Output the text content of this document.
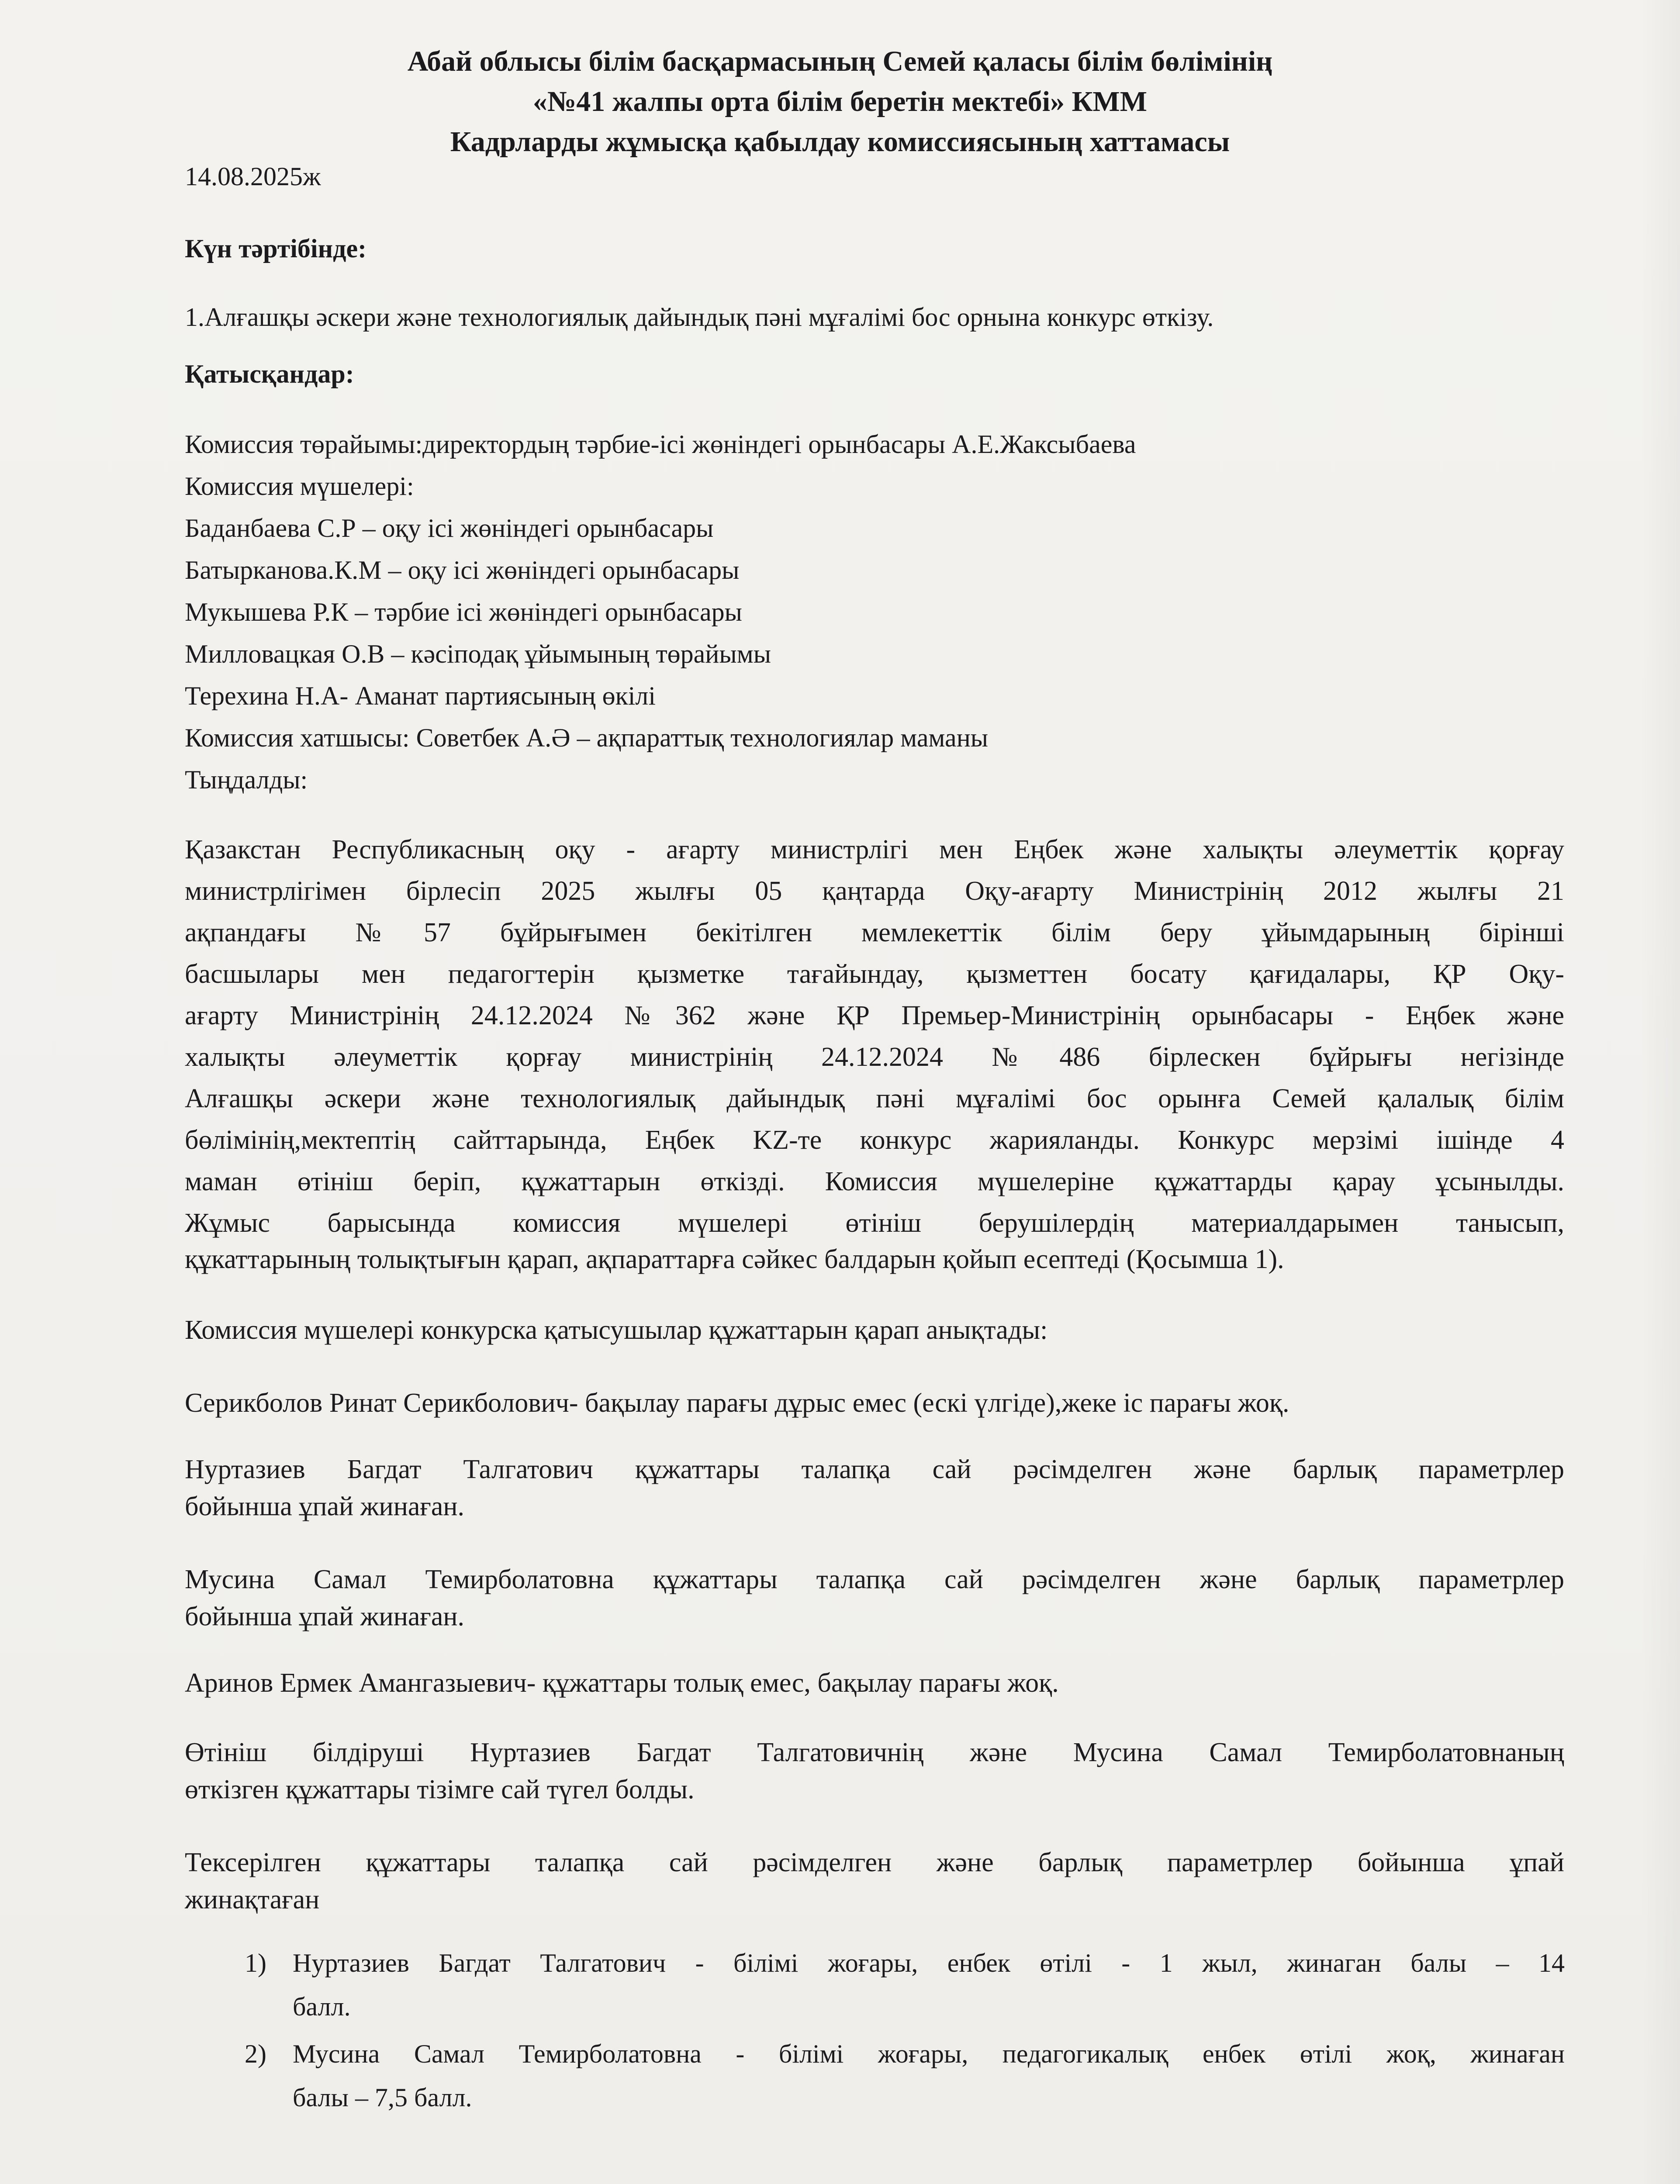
Абай облысы білім басқармасының Семей қаласы білім бөлімінің
«№41 жалпы орта білім беретін мектебі» КММ
Кадрларды жұмысқа қабылдау комиссиясының хаттамасы
14.08.2025ж
Күн тәртібінде:
1.Алғашқы әскери және технологиялық дайындық пәні мұғалімі бос орнына конкурс өткізу.
Қатысқандар:
Комиссия төрайымы:директордың тәрбие-ісі жөніндегі орынбасары А.Е.Жаксыбаева
Комиссия мүшелері:
Баданбаева С.Р – оқу ісі жөніндегі орынбасары
Батырканова.К.М – оқу ісі жөніндегі орынбасары
Мукышева Р.К – тәрбие ісі жөніндегі орынбасары
Милловацкая О.В – кәсіподақ ұйымының төрайымы
Терехина Н.А- Аманат партиясының өкілі
Комиссия хатшысы: Советбек А.Ә – ақпараттық технологиялар маманы
Тыңдалды:
Қазакстан Республикасның оқу - ағарту министрлігі мен Еңбек және халықты әлеуметтік қорғау
министрлігімен бірлесіп 2025 жылғы 05 қаңтарда Оқу-ағарту Министрінің 2012 жылғы 21
ақпандағы №57 бұйрығымен бекітілген мемлекеттік білім беру ұйымдарының бірінші
басшылары мен педагогтерін қызметке тағайындау, қызметтен босату қағидалары, ҚР Оқу-
ағарту Министрінің 24.12.2024 №362 және ҚР Премьер-Министрінің орынбасары - Еңбек және
халықты әлеуметтік қорғау министрінің 24.12.2024 №486 бірлескен бұйрығы негізінде
Алғашқы әскери және технологиялық дайындық пәні мұғалімі бос орынға Семей қалалық білім
бөлімінің,мектептің сайттарында, Еңбек KZ-те конкурс жарияланды. Конкурс мерзімі ішінде 4
маман өтініш беріп, құжаттарын өткізді. Комиссия мүшелеріне құжаттарды қарау ұсынылды.
Жұмыс барысында комиссия мүшелері өтініш берушілердің материалдарымен танысып,
құкаттарының толықтығын қарап, ақпараттарға сәйкес балдарын қойып есептеді (Қосымша 1).
Комиссия мүшелері конкурска қатысушылар құжаттарын қарап анықтады:
Серикболов Ринат Серикболович- бақылау парағы дұрыс емес (ескі үлгіде),жеке іс парағы жоқ.
Нуртазиев Багдат Талгатович құжаттары талапқа сай рәсімделген және барлық параметрлер
бойынша ұпай жинаған.
Мусина Самал Темирболатовна құжаттары талапқа сай рәсімделген және барлық параметрлер
бойынша ұпай жинаған.
Аринов Ермек Амангазыевич- құжаттары толық емес, бақылау парағы жоқ.
Өтініш білдіруші Нуртазиев Багдат Талгатовичнің және Мусина Самал Темирболатовнаның
өткізген құжаттары тізімге сай түгел болды.
Тексерілген құжаттары талапқа сай рәсімделген және барлық параметрлер бойынша ұпай
жинақтаған
1) Нуртазиев Багдат Талгатович - білімі жоғары, енбек өтілі - 1 жыл, жинаган балы – 14
балл.
2) Мусина Самал Темирболатовна - білімі жоғары, педагогикалық енбек өтілі жоқ, жинаған
балы – 7,5 балл.
